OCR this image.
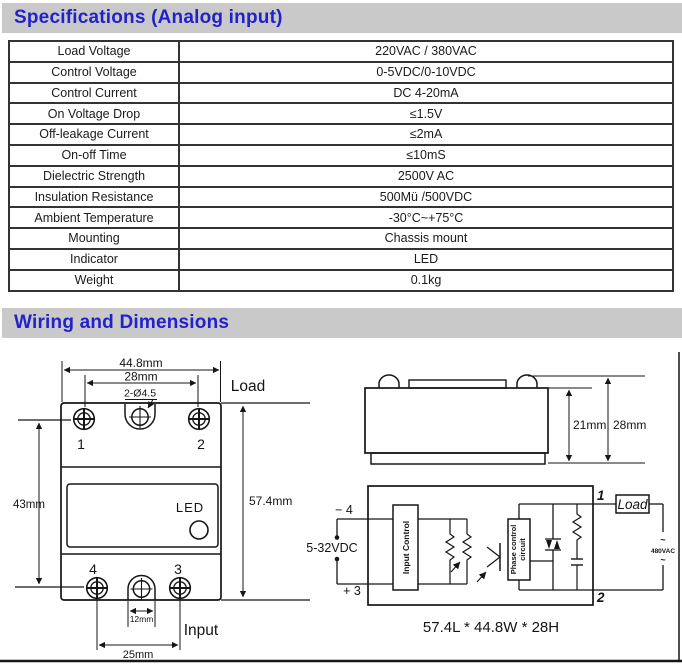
Specifications (Analog input)
Load Voltage	220VAC / 380VAC
Control Voltage	0-5VDC/0-10VDC
Control Current	DC 4-20mA
On Voltage Drop	≤1.5V
Off-leakage Current	≤2mA
On-off Time	≤10mS
Dielectric Strength	2500V AC
Insulation Resistance	500Mü /500VDC
Ambient Temperature	-30°C~+75°C
Mounting	Chassis mount
Indicator	LED
Weight	0.1kg
Wiring and Dimensions
1	2
4	3
LED
44.8mm
28mm
2-Ø4.5	Load
57.4mm
43mm
12mm
25mm
Input
21mm 28mm
− 4
5-32VDC
+ 3
Input Control	Phase control circuit
1
2
Load
~
480VAC
~
57.4L * 44.8W * 28H
